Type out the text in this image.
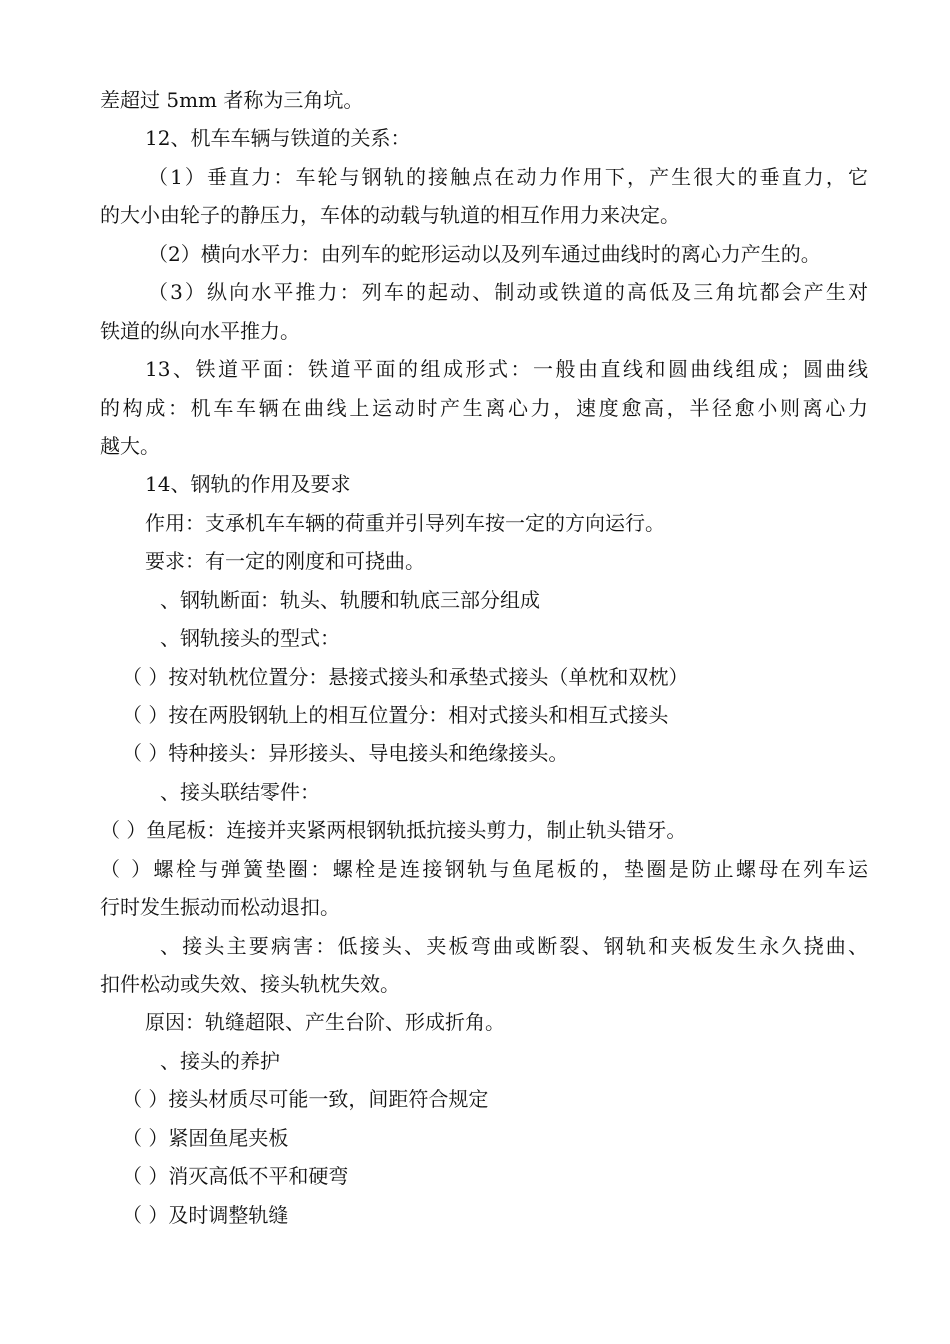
差超过 5mm 者称为三角坑。
12、机车车辆与铁道的关系：
（1）垂直力：车轮与钢轨的接触点在动力作用下，产生很大的垂直力，它
的大小由轮子的静压力，车体的动载与轨道的相互作用力来决定。
（2）横向水平力：由列车的蛇形运动以及列车通过曲线时的离心力产生的。
（3）纵向水平推力：列车的起动、制动或铁道的高低及三角坑都会产生对
铁道的纵向水平推力。
13、铁道平面：铁道平面的组成形式：一般由直线和圆曲线组成；圆曲线
的构成：机车车辆在曲线上运动时产生离心力，速度愈高，半径愈小则离心力
越大。
14、钢轨的作用及要求
作用：支承机车车辆的荷重并引导列车按一定的方向运行。
要求：有一定的刚度和可挠曲。
、钢轨断面：轨头、轨腰和轨底三部分组成
、钢轨接头的型式：
（ ）按对轨枕位置分：悬接式接头和承垫式接头（单枕和双枕）
（ ）按在两股钢轨上的相互位置分：相对式接头和相互式接头
（ ）特种接头：异形接头、导电接头和绝缘接头。
、接头联结零件：
（ ）鱼尾板：连接并夹紧两根钢轨抵抗接头剪力，制止轨头错牙。
（ ）螺栓与弹簧垫圈：螺栓是连接钢轨与鱼尾板的，垫圈是防止螺母在列车运
行时发生振动而松动退扣。
、接头主要病害：低接头、夹板弯曲或断裂、钢轨和夹板发生永久挠曲、
扣件松动或失效、接头轨枕失效。
原因：轨缝超限、产生台阶、形成折角。
、接头的养护
（ ）接头材质尽可能一致，间距符合规定
（ ）紧固鱼尾夹板
（ ）消灭高低不平和硬弯
（ ）及时调整轨缝
